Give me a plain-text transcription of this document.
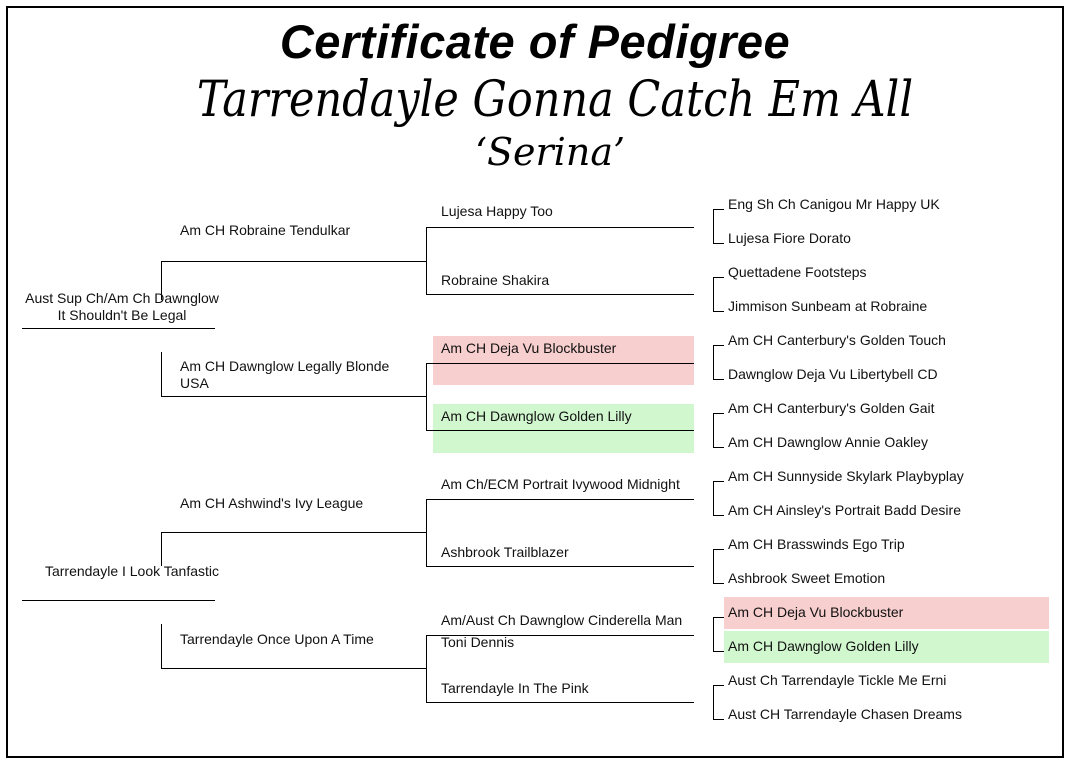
Certificate of Pedigree
Tarrendayle Gonna Catch Em All
‘Serina’
Aust Sup Ch/Am Ch Dawnglow It Shouldn't Be Legal
Tarrendayle I Look Tanfastic
Am CH Robraine Tendulkar
Am CH Dawnglow Legally Blonde USA
Am CH Ashwind's Ivy League
Tarrendayle Once Upon A Time
Lujesa Happy Too
Robraine Shakira
Am CH Deja Vu Blockbuster
Am CH Dawnglow Golden Lilly
Am Ch/ECM Portrait Ivywood Midnight
Ashbrook Trailblazer
Am/Aust Ch Dawnglow Cinderella Man
Toni Dennis
Tarrendayle In The Pink
Eng Sh Ch Canigou Mr Happy UK
Lujesa Fiore Dorato
Quettadene Footsteps
Jimmison Sunbeam at Robraine
Am CH Canterbury's Golden Touch
Dawnglow Deja Vu Libertybell CD
Am CH Canterbury's Golden Gait
Am CH Dawnglow Annie Oakley
Am CH Sunnyside Skylark Playbyplay
Am CH Ainsley's Portrait Badd Desire
Am CH Brasswinds Ego Trip
Ashbrook Sweet Emotion
Am CH Deja Vu Blockbuster
Am CH Dawnglow Golden Lilly
Aust Ch Tarrendayle Tickle Me Erni
Aust CH Tarrendayle Chasen Dreams
